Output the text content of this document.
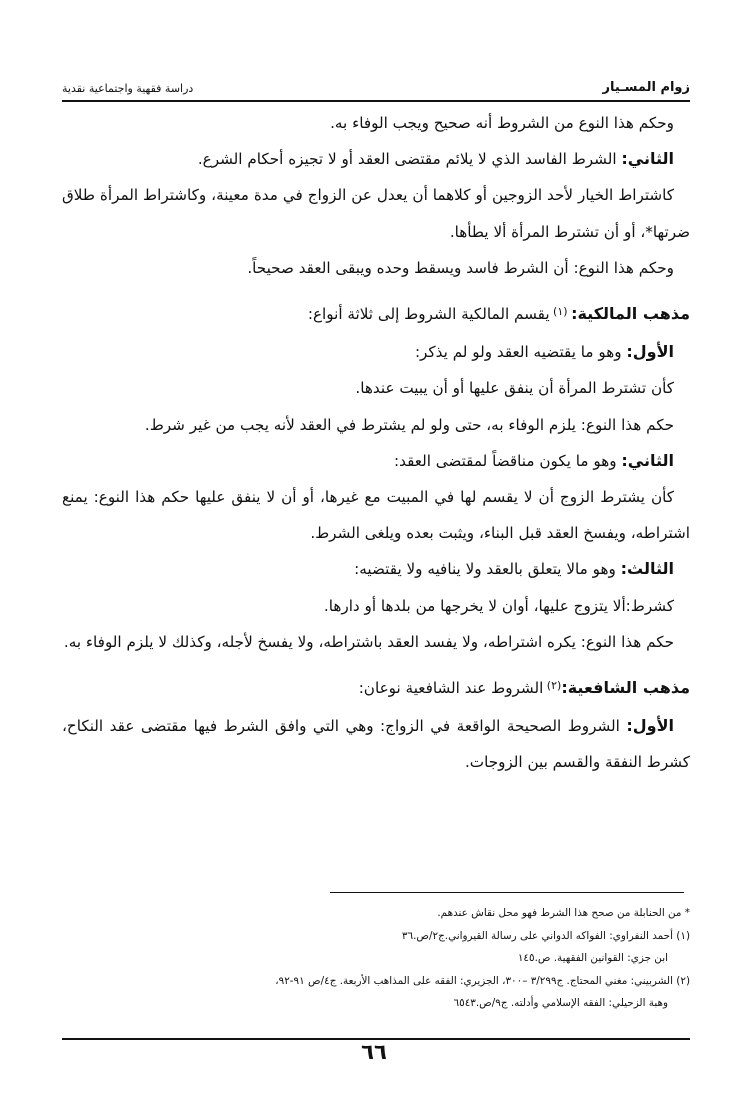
زوام المسـيار
دراسة فقهية واجتماعية نقدية

وحكم هذا النوع من الشروط أنه صحيح ويجب الوفاء به.

الثاني: الشرط الفاسد الذي لا يلائم مقتضى العقد أو لا تجيزه أحكام الشرع.

كاشتراط الخيار لأحد الزوجين أو كلاهما أن يعدل عن الزواج في مدة معينة، وكاشتراط المرأة طلاق ضرتها*، أو أن تشترط المرأة ألا يطأها.

وحكم هذا النوع: أن الشرط فاسد ويسقط وحده ويبقى العقد صحيحاً.

مذهب المالكية: $^{(١)}$ يقسم المالكية الشروط إلى ثلاثة أنواع:

الأول: وهو ما يقتضيه العقد ولو لم يذكر:

كأن تشترط المرأة أن ينفق عليها أو أن يبيت عندها.

حكم هذا النوع: يلزم الوفاء به، حتى ولو لم يشترط في العقد لأنه يجب من غير شرط.

الثاني: وهو ما يكون مناقضاً لمقتضى العقد:

كأن يشترط الزوج أن لا يقسم لها في المبيت مع غيرها، أو أن لا ينفق عليها حكم هذا النوع: يمنع اشتراطه، ويفسخ العقد قبل البناء، ويثبت بعده ويلغى الشرط.

الثالث: وهو مالا يتعلق بالعقد ولا ينافيه ولا يقتضيه:

كشرط:ألا يتزوج عليها، أوان لا يخرجها من بلدها أو دارها.

حكم هذا النوع: يكره اشتراطه، ولا يفسد العقد باشتراطه، ولا يفسخ لأجله، وكذلك لا يلزم الوفاء به.

مذهب الشافعية:$^{(٢)}$ الشروط عند الشافعية نوعان:

الأول: الشروط الصحيحة الواقعة في الزواج: وهي التي وافق الشرط فيها مقتضى عقد النكاح، كشرط النفقة والقسم بين الزوجات.

* من الحنابلة من صحح هذا الشرط فهو محل نقاش عندهم.

(١) أحمد النفراوي: الفواكه الدواني على رسالة القيرواني.ج٢/ص.٣٦

ابن جزي: القوانين الفقهية. ص.١٤٥

(٢) الشربيني: مغني المحتاج. ج٣/٢٩٩ –٣٠٠، الجزيري: الفقه على المذاهب الأربعة. ج٤/ص ٩١-٩٢،

وهبة الزحيلي: الفقه الإسلامي وأدلته. ج٩/ص.٦٥٤٣

٦٦
